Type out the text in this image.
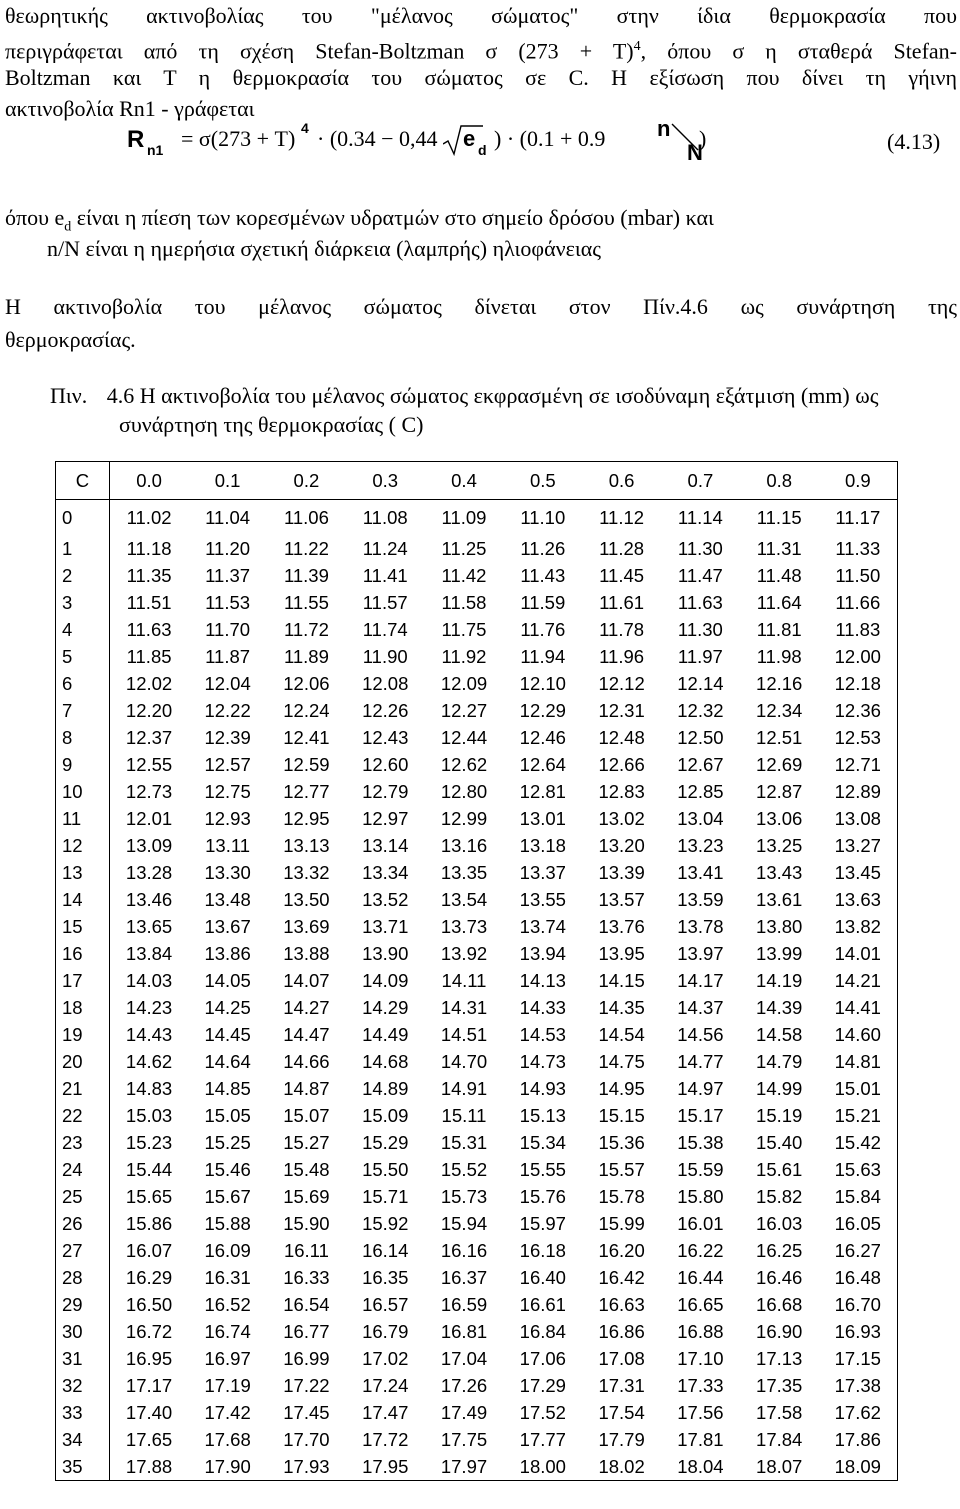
θεωρητικής ακτινοβολίας του "μέλανος σώματος" στην ίδια θερμοκρασία που
περιγράφεται από τη σχέση Stefan-Boltzman σ $(273 + T)^4$, όπου σ η σταθερά Stefan-
Boltzman και Τ η θερμοκρασία του σώματος σε C. Η εξίσωση που δίνει τη γήινη
ακτινοβολία Rn1 - γράφεται
R n1 = σ(273 + T) 4 · (0.34 − 0,44 e d ) · (0.1 + 0.9 n
N
)	(4.13)
όπου $e_d$ είναι η πίεση των κορεσμένων υδρατμών στο σημείο δρόσου (mbar) και
n/N είναι η ημερήσια σχετική διάρκεια (λαμπρής) ηλιοφάνειας
Η ακτινοβολία του μέλανος σώματος δίνεται στον Πίν.4.6 ως συνάρτηση της
θερμοκρασίας.
Πιν. 4.6 Η ακτινοβολία του μέλανος σώματος εκφρασμένη σε ισοδύναμη εξάτμιση (mm) ως
συνάρτηση της θερμοκρασίας ( C)
C	0.0	0.1	0.2	0.3	0.4	0.5	0.6	0.7	0.8	0.9
0	11.02	11.04	11.06	11.08	11.09	11.10	11.12	11.14	11.15	11.17
1	11.18	11.20	11.22	11.24	11.25	11.26	11.28	11.30	11.31	11.33
2	11.35	11.37	11.39	11.41	11.42	11.43	11.45	11.47	11.48	11.50
3	11.51	11.53	11.55	11.57	11.58	11.59	11.61	11.63	11.64	11.66
4	11.63	11.70	11.72	11.74	11.75	11.76	11.78	11.30	11.81	11.83
5	11.85	11.87	11.89	11.90	11.92	11.94	11.96	11.97	11.98	12.00
6	12.02	12.04	12.06	12.08	12.09	12.10	12.12	12.14	12.16	12.18
7	12.20	12.22	12.24	12.26	12.27	12.29	12.31	12.32	12.34	12.36
8	12.37	12.39	12.41	12.43	12.44	12.46	12.48	12.50	12.51	12.53
9	12.55	12.57	12.59	12.60	12.62	12.64	12.66	12.67	12.69	12.71
10	12.73	12.75	12.77	12.79	12.80	12.81	12.83	12.85	12.87	12.89
11	12.01	12.93	12.95	12.97	12.99	13.01	13.02	13.04	13.06	13.08
12	13.09	13.11	13.13	13.14	13.16	13.18	13.20	13.23	13.25	13.27
13	13.28	13.30	13.32	13.34	13.35	13.37	13.39	13.41	13.43	13.45
14	13.46	13.48	13.50	13.52	13.54	13.55	13.57	13.59	13.61	13.63
15	13.65	13.67	13.69	13.71	13.73	13.74	13.76	13.78	13.80	13.82
16	13.84	13.86	13.88	13.90	13.92	13.94	13.95	13.97	13.99	14.01
17	14.03	14.05	14.07	14.09	14.11	14.13	14.15	14.17	14.19	14.21
18	14.23	14.25	14.27	14.29	14.31	14.33	14.35	14.37	14.39	14.41
19	14.43	14.45	14.47	14.49	14.51	14.53	14.54	14.56	14.58	14.60
20	14.62	14.64	14.66	14.68	14.70	14.73	14.75	14.77	14.79	14.81
21	14.83	14.85	14.87	14.89	14.91	14.93	14.95	14.97	14.99	15.01
22	15.03	15.05	15.07	15.09	15.11	15.13	15.15	15.17	15.19	15.21
23	15.23	15.25	15.27	15.29	15.31	15.34	15.36	15.38	15.40	15.42
24	15.44	15.46	15.48	15.50	15.52	15.55	15.57	15.59	15.61	15.63
25	15.65	15.67	15.69	15.71	15.73	15.76	15.78	15.80	15.82	15.84
26	15.86	15.88	15.90	15.92	15.94	15.97	15.99	16.01	16.03	16.05
27	16.07	16.09	16.11	16.14	16.16	16.18	16.20	16.22	16.25	16.27
28	16.29	16.31	16.33	16.35	16.37	16.40	16.42	16.44	16.46	16.48
29	16.50	16.52	16.54	16.57	16.59	16.61	16.63	16.65	16.68	16.70
30	16.72	16.74	16.77	16.79	16.81	16.84	16.86	16.88	16.90	16.93
31	16.95	16.97	16.99	17.02	17.04	17.06	17.08	17.10	17.13	17.15
32	17.17	17.19	17.22	17.24	17.26	17.29	17.31	17.33	17.35	17.38
33	17.40	17.42	17.45	17.47	17.49	17.52	17.54	17.56	17.58	17.62
34	17.65	17.68	17.70	17.72	17.75	17.77	17.79	17.81	17.84	17.86
35	17.88	17.90	17.93	17.95	17.97	18.00	18.02	18.04	18.07	18.09
